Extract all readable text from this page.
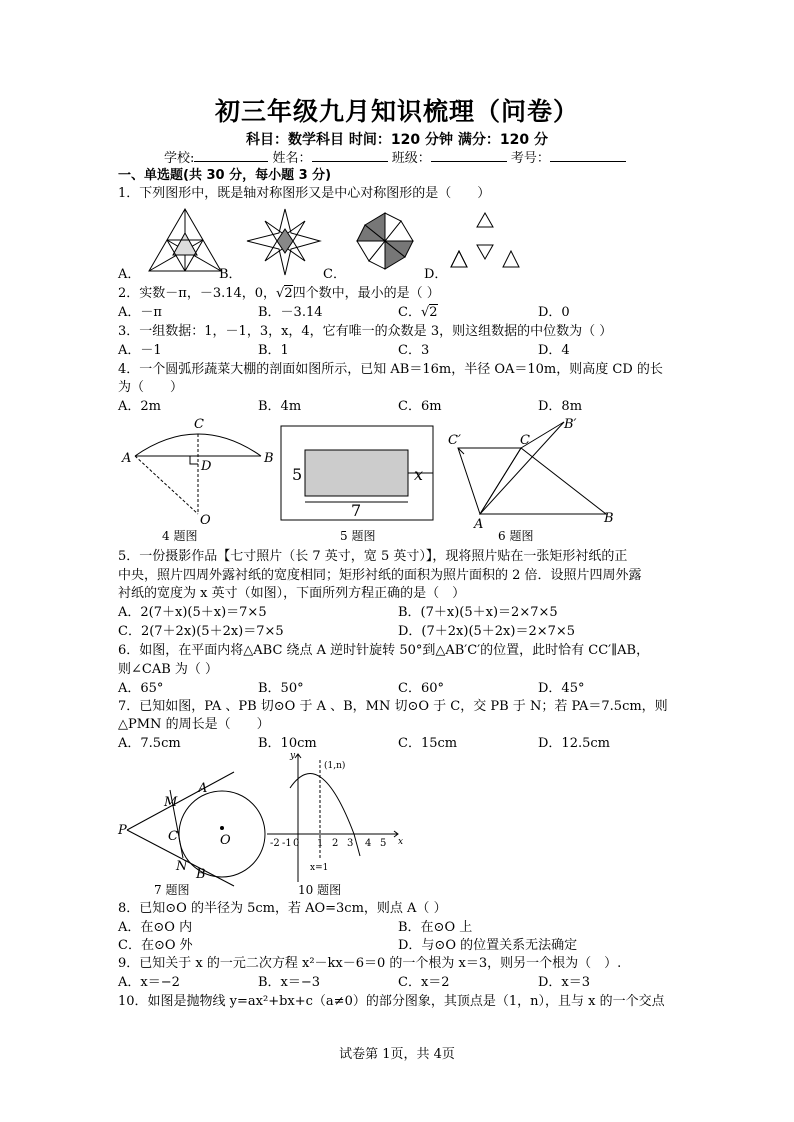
初三年级九月知识梳理（问卷）
科目：数学科目 时间：120 分钟 满分：120 分
学校:	姓名：	班级：	考号：
一、单选题(共 30 分，每小题 3 分)
1．下列图形中，既是轴对称图形又是中心对称图形的是（　　）
A．	B．	C．	D．
2．实数－π，－3.14，0，√2四个数中，最小的是（ ）
A．－π	B．－3.14	C．√2	D．0
3．一组数据：1，－1，3，x，4，它有唯一的众数是 3，则这组数据的中位数为（ ）
A．－1	B．1	C．3	D．4
4．一个圆弧形蔬菜大棚的剖面如图所示，已知 AB＝16m，半径 OA＝10m，则高度 CD 的长
为（　　）
A．2m	B．4m	C．6m	D．8m
A	B
C
D
O
4 题图
5
7
x
5 题图
C′	C
B′
A	B
6 题图
5．一份摄影作品【七寸照片（长 7 英寸，宽 5 英寸）】，现将照片贴在一张矩形衬纸的正
中央，照片四周外露衬纸的宽度相同；矩形衬纸的面积为照片面积的 2 倍．设照片四周外露
衬纸的宽度为 x 英寸（如图），下面所列方程正确的是（　）
A．2(7＋x)(5＋x)＝7×5	B．(7＋x)(5＋x)＝2×7×5
C．2(7＋2x)(5＋2x)＝7×5	D．(7＋2x)(5＋2x)＝2×7×5
6．如图，在平面内将△ABC 绕点 A 逆时针旋转 50°到△AB′C′的位置，此时恰有 CC′∥AB，
则∠CAB 为（ ）
A．65°	B．50°	C．60°	D．45°
7．已知如图，PA 、PB 切⊙O 于 A 、B，MN 切⊙O 于 C，交 PB 于 N；若 PA＝7.5cm，则
△PMN 的周长是（　　）
A．7.5cm	B．10cm	C．15cm	D．12.5cm
P
M
A
C	O
N
B
7 题图
y
x
(1,n)
x=1
-2 -1 0 1 2 3 4 5
10 题图
8．已知⊙O 的半径为 5cm，若 AO=3cm，则点 A（ ）
A．在⊙O 内	B．在⊙O 上
C．在⊙O 外	D．与⊙O 的位置关系无法确定
9．已知关于 x 的一元二次方程 x²－kx－6＝0 的一个根为 x＝3，则另一个根为（　）.
A．x＝−2	B．x＝−3	C．x＝2	D．x＝3
10．如图是抛物线 y=ax²+bx+c（a≠0）的部分图象，其顶点是（1，n），且与 x 的一个交点
试卷第 1页，共 4页
